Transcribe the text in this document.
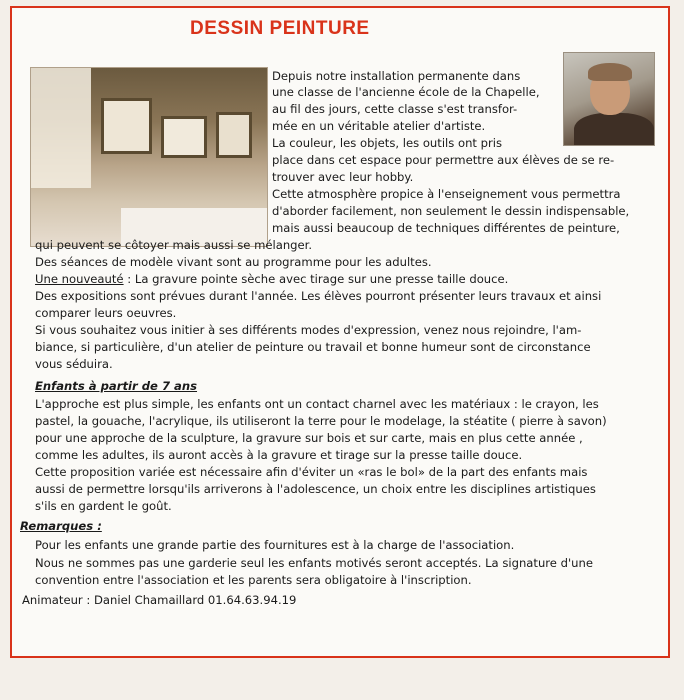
DESSIN PEINTURE

Depuis notre installation permanente dans

une classe de l'ancienne école de la Chapelle,

au fil des jours, cette classe s'est transfor-

mée en un véritable atelier d'artiste.

La couleur, les objets, les outils ont pris

place dans cet espace pour permettre aux élèves de se re-

trouver avec leur hobby.

Cette atmosphère propice à l'enseignement vous permettra

d'aborder facilement, non seulement le dessin indispensable,

mais aussi beaucoup de techniques différentes de peinture,

qui peuvent se côtoyer mais aussi se mélanger.

Des séances de modèle vivant sont au programme pour les adultes.

Une nouveauté : La gravure pointe sèche avec tirage sur une presse taille douce.

Des expositions sont prévues durant l'année. Les élèves pourront présenter leurs travaux et ainsi

comparer leurs oeuvres.

Si vous souhaitez vous initier à ses différents modes d'expression, venez nous rejoindre, l'am-

biance, si particulière, d'un atelier de peinture ou travail et bonne humeur sont de circonstance

vous séduira.

Enfants à partir de 7 ans

L'approche est plus simple, les enfants ont un contact charnel avec les matériaux : le crayon, les

pastel, la gouache, l'acrylique, ils utiliseront la terre pour le modelage, la stéatite ( pierre à savon)

pour une approche de la sculpture, la gravure sur bois et sur carte, mais en plus cette année ,

comme les adultes, ils auront accès à la gravure et tirage sur la presse taille douce.

Cette proposition variée est nécessaire afin d'éviter un «ras le bol» de la part des enfants mais

aussi de permettre lorsqu'ils arriverons à l'adolescence, un choix entre les disciplines artistiques

s'ils en gardent le goût.

Remarques :

Pour les enfants une grande partie des fournitures est à la charge de l'association.

Nous ne sommes pas une garderie seul les enfants motivés seront acceptés. La signature d'une

convention entre l'association et les parents sera obligatoire à l'inscription.

Animateur : Daniel Chamaillard 01.64.63.94.19
